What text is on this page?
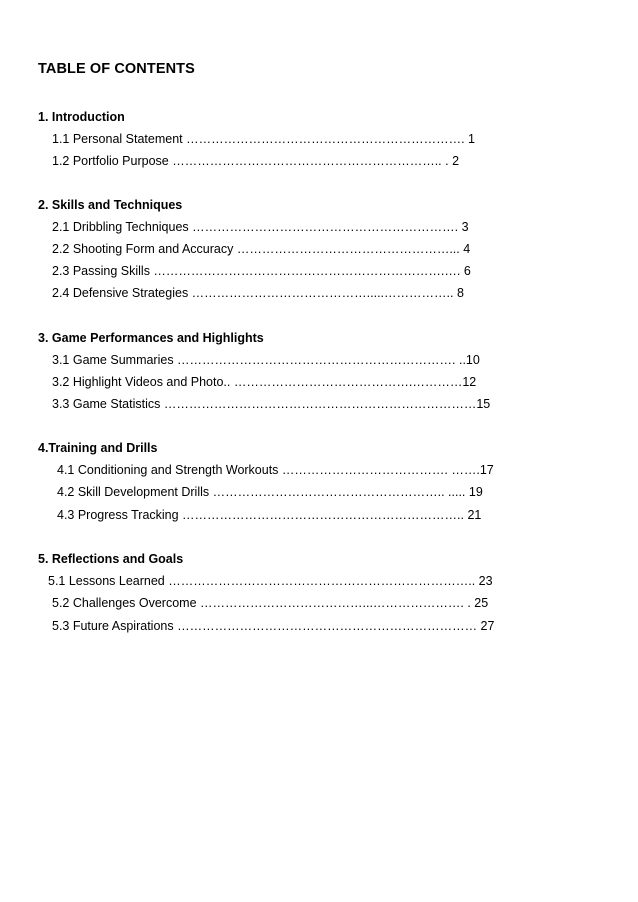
TABLE OF CONTENTS
1. Introduction
1.1 Personal Statement …………………………………………………………. 1
1.2 Portfolio Purpose ……………………………………………………….. . 2
2. Skills and Techniques
2.1 Dribbling Techniques ………………………………………………………. 3
2.2 Shooting Form and Accuracy ……………………………………………... 4
2.3 Passing Skills …………………………………………………………….…. 6
2.4 Defensive Strategies …………………………………….....…………….. 8
3. Game Performances and Highlights
3.1 Game Summaries …………………………………………………………. ..10
3.2 Highlight Videos and Photo.. …………………………………….…………12
3.3 Game Statistics …………………………………………………………………15
4.Training and Drills
4.1 Conditioning and Strength Workouts …………………………………. …….17
4.2 Skill Development Drills ……………………………………………….. ..... 19
4.3 Progress Tracking ………………………………………………………….. 21
5. Reflections and Goals
5.1 Lessons Learned ……………………………………………………………….. 23
5.2 Challenges Overcome …………………………………...…………………. . 25
5.3 Future Aspirations ……………………………………………………………… 27
